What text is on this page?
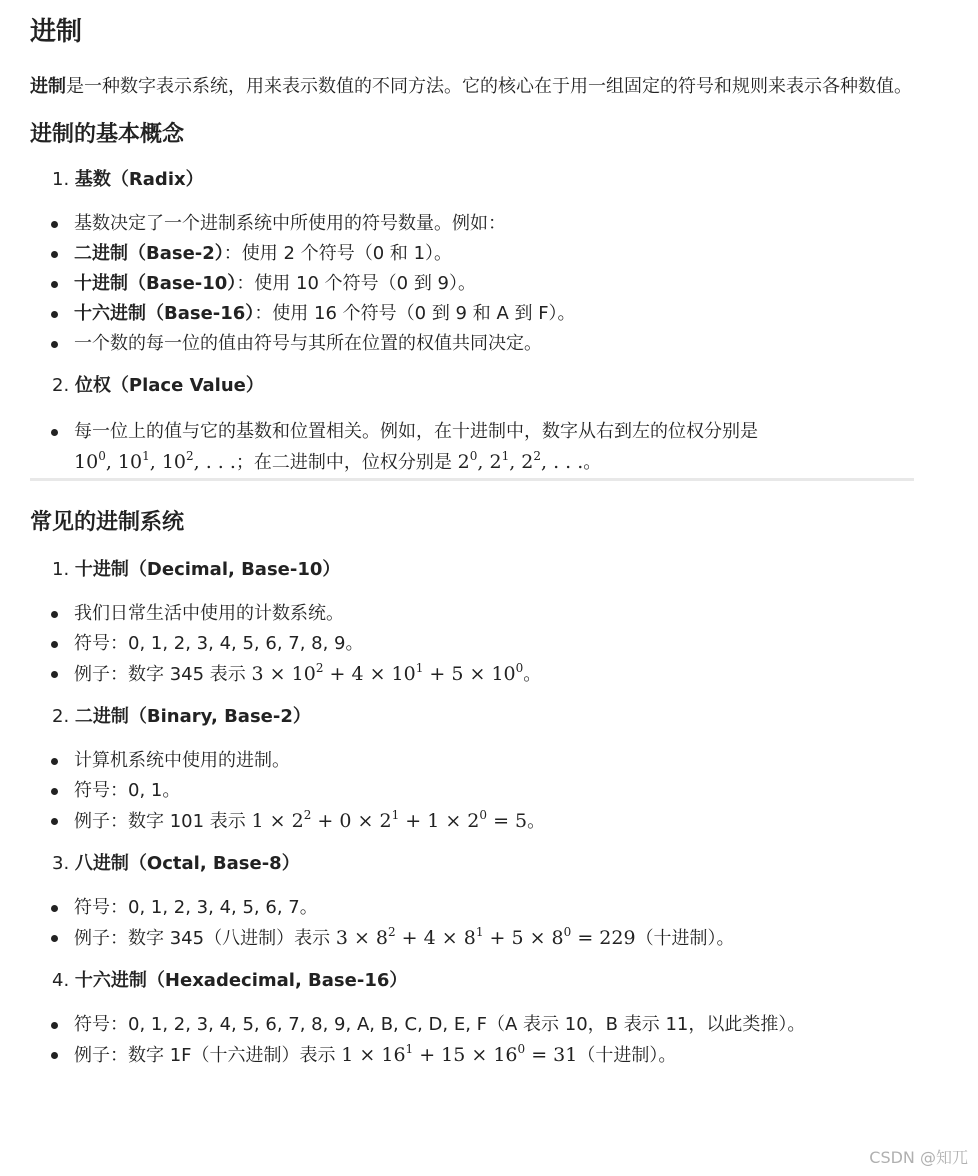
进制

进制是一种数字表示系统，用来表示数值的不同方法。它的核心在于用一组固定的符号和规则来表示各种数值。

进制的基本概念

1. 基数（Radix）

基数决定了一个进制系统中所使用的符号数量。例如：
二进制（Base-2）：使用 2 个符号（0 和 1）。
十进制（Base-10）：使用 10 个符号（0 到 9）。
十六进制（Base-16）：使用 16 个符号（0 到 9 和 A 到 F）。
一个数的每一位的值由符号与其所在位置的权值共同决定。

2. 位权（Place Value）

每一位上的值与它的基数和位置相关。例如，在十进制中，数字从右到左的位权分别是
$10^0$, $10^1$, $10^2$, . . .；在二进制中，位权分别是 $2^0$, $2^1$, $2^2$, . . .。
常见的进制系统

1. 十进制（Decimal, Base-10）

我们日常生活中使用的计数系统。
符号：0, 1, 2, 3, 4, 5, 6, 7, 8, 9。
例子：数字 345 表示 $3 \times 10^2 + 4 \times 10^1 + 5 \times 10^0$。

2. 二进制（Binary, Base-2）

计算机系统中使用的进制。
符号：0, 1。
例子：数字 101 表示 $1 \times 2^2 + 0 \times 2^1 + 1 \times 2^0 = 5$。

3. 八进制（Octal, Base-8）

符号：0, 1, 2, 3, 4, 5, 6, 7。
例子：数字 345（八进制）表示 $3 \times 8^2 + 4 \times 8^1 + 5 \times 8^0 = 229$（十进制）。

4. 十六进制（Hexadecimal, Base-16）

符号：0, 1, 2, 3, 4, 5, 6, 7, 8, 9, A, B, C, D, E, F（A 表示 10，B 表示 11，以此类推）。
例子：数字 1F（十六进制）表示 $1 \times 16^1 + 15 \times 16^0 = 31$（十进制）。
CSDN @知兀
